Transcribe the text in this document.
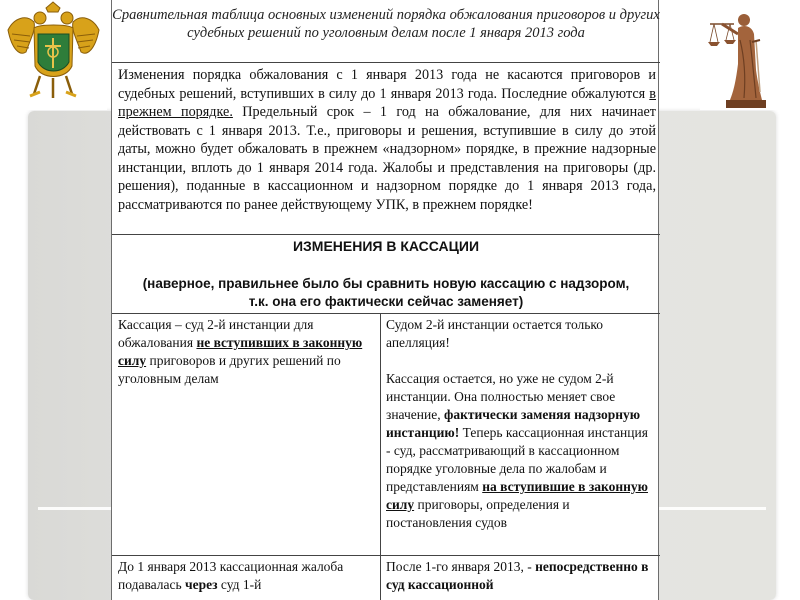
Сравнительная таблица основных изменений порядка обжалования приговоров и других судебных решений по уголовным делам после 1 января 2013 года
Изменения порядка обжалования с 1 января 2013 года не касаются приговоров и судебных решений, вступивших в силу до 1 января 2013 года. Последние обжалуются в прежнем порядке. Предельный срок – 1 год на обжалование, для них начинает действовать с 1 января 2013. Т.е., приговоры и решения, вступившие в силу до этой даты, можно будет обжаловать в прежнем «надзорном» порядке, в прежние надзорные инстанции, вплоть до 1 января 2014 года. Жалобы и представления на приговоры (др. решения), поданные в кассационном и надзорном порядке до 1 января 2013 года, рассматриваются по ранее действующему УПК, в прежнем порядке!
ИЗМЕНЕНИЯ В КАССАЦИИ
(наверное, правильнее было бы сравнить новую кассацию с надзором, т.к. она его фактически сейчас заменяет)
Кассация – суд 2-й инстанции для обжалования не вступивших в законную силу приговоров и других решений по уголовным делам
Судом 2-й инстанции остается только апелляция!
Кассация остается, но уже не судом 2-й инстанции. Она полностью меняет свое значение, фактически заменяя надзорную инстанцию! Теперь кассационная инстанция - суд, рассматривающий в кассационном порядке уголовные дела по жалобам и представлениям на вступившие в законную силу приговоры, определения и постановления судов
До 1 января 2013 кассационная жалоба подавалась через суд 1-й
После 1-го января 2013, - непосредственно в суд кассационной
